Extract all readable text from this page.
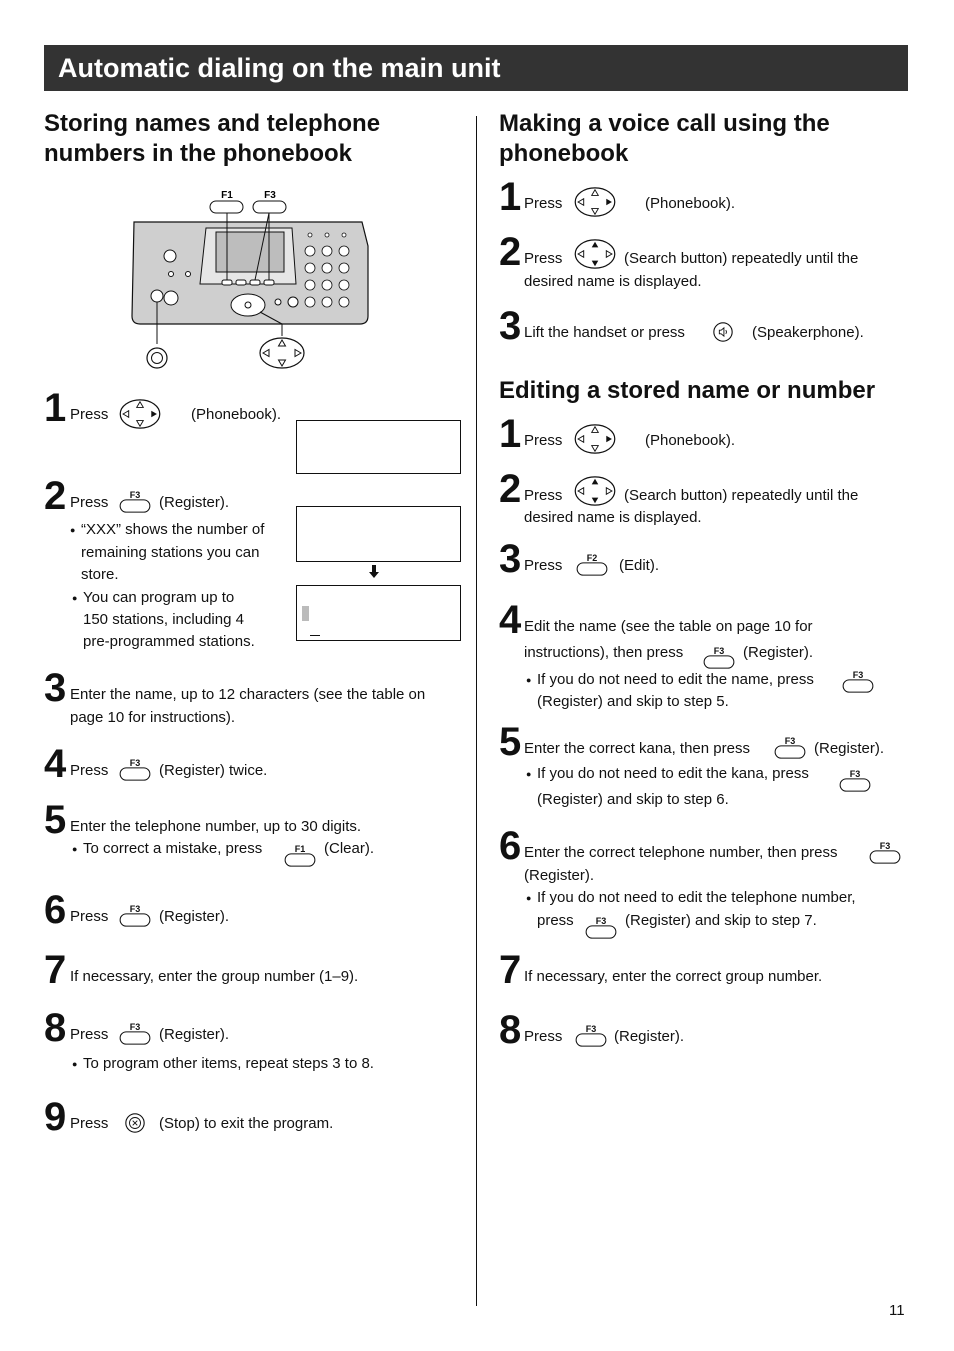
Automatic dialing on the main unit
Storing names and telephone
numbers in the phonebook
F1	F3
1 Press	(Phonebook).
2 Press	F3	(Register).
● “XXX” shows the number of
remaining stations you can
store.
● You can program up to
150 stations, including 4
pre-programmed stations.
3 Enter the name, up to 12 characters (see the table on
page 10 for instructions).
4 Press	F3	(Register) twice.
5 Enter the telephone number, up to 30 digits.
● To correct a mistake, press	F1	(Clear).
6 Press	F3	(Register).
7 If necessary, enter the group number (1–9).
8 Press	F3	(Register).
● To program other items, repeat steps 3 to 8.
9 Press	(Stop) to exit the program.
Making a voice call using the
phonebook
1 Press	(Phonebook).
2 Press	(Search button) repeatedly until the
desired name is displayed.
3 Lift the handset or press	(Speakerphone).
Editing a stored name or number
1 Press	(Phonebook).
2 Press	(Search button) repeatedly until the
desired name is displayed.
3 Press	F2	(Edit).
4 Edit the name (see the table on page 10 for
instructions), then press	F3	(Register).
● If you do not need to edit the name, press	F3
(Register) and skip to step 5.
5 Enter the correct kana, then press	F3	(Register).
● If you do not need to edit the kana, press	F3
(Register) and skip to step 6.
6 Enter the correct telephone number, then press	F3
(Register).
● If you do not need to edit the telephone number,
press	F3	(Register) and skip to step 7.
7 If necessary, enter the correct group number.
8 Press	F3	(Register).
11
